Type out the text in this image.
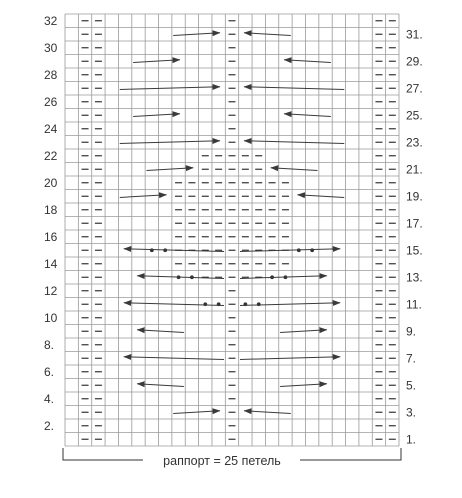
32
30
28
26
24
22
20
18
16
14
12
10
8.
6.
4.
2.
31.
29.
27.
25.
23.
21.
19.
17.
15.
13.
11.
9.
7.
5.
3.
1.
раппорт = 25 петель
